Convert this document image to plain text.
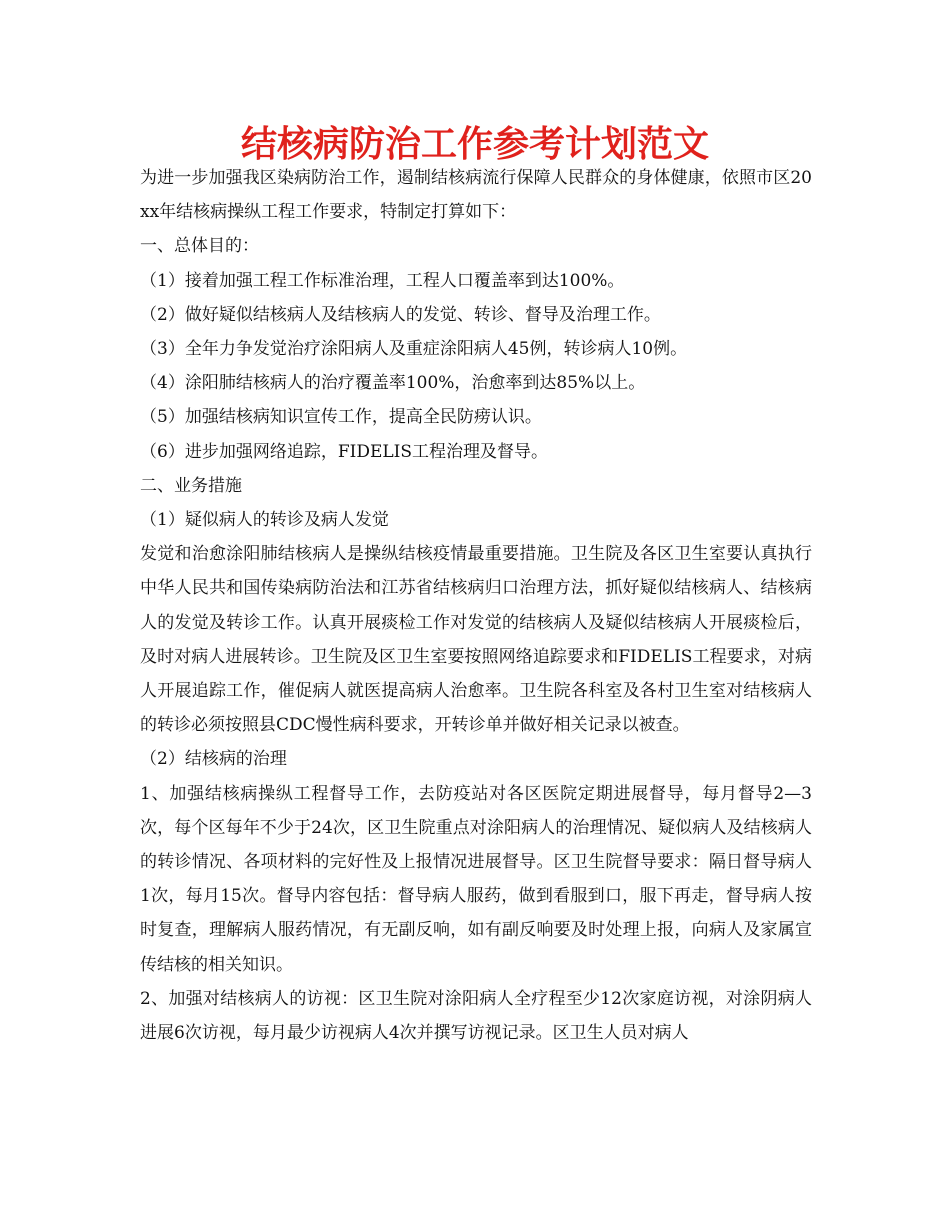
结核病防治工作参考计划范文

为进一步加强我区染病防治工作，遏制结核病流行保障人民群众的身体健康，依照市区20xx年结核病操纵工程工作要求，特制定打算如下：

一、总体目的：

（1）接着加强工程工作标准治理，工程人口覆盖率到达100%。

（2）做好疑似结核病人及结核病人的发觉、转诊、督导及治理工作。

（3）全年力争发觉治疗涂阳病人及重症涂阳病人45例，转诊病人10例。

（4）涂阳肺结核病人的治疗覆盖率100%，治愈率到达85%以上。

（5）加强结核病知识宣传工作，提高全民防痨认识。

（6）进步加强网络追踪，FIDELIS工程治理及督导。

二、业务措施

（1）疑似病人的转诊及病人发觉

发觉和治愈涂阳肺结核病人是操纵结核疫情最重要措施。卫生院及各区卫生室要认真执行中华人民共和国传染病防治法和江苏省结核病归口治理方法，抓好疑似结核病人、结核病人的发觉及转诊工作。认真开展痰检工作对发觉的结核病人及疑似结核病人开展痰检后，及时对病人进展转诊。卫生院及区卫生室要按照网络追踪要求和FIDELIS工程要求，对病人开展追踪工作，催促病人就医提高病人治愈率。卫生院各科室及各村卫生室对结核病人的转诊必须按照县CDC慢性病科要求，开转诊单并做好相关记录以被查。

（2）结核病的治理

1、加强结核病操纵工程督导工作，去防疫站对各区医院定期进展督导，每月督导2—3次，每个区每年不少于24次，区卫生院重点对涂阳病人的治理情况、疑似病人及结核病人的转诊情况、各项材料的完好性及上报情况进展督导。区卫生院督导要求：隔日督导病人1次，每月15次。督导内容包括：督导病人服药，做到看服到口，服下再走，督导病人按时复查，理解病人服药情况，有无副反响，如有副反响要及时处理上报，向病人及家属宣传结核的相关知识。

2、加强对结核病人的访视：区卫生院对涂阳病人全疗程至少12次家庭访视，对涂阴病人进展6次访视，每月最少访视病人4次并撰写访视记录。区卫生人员对病人
